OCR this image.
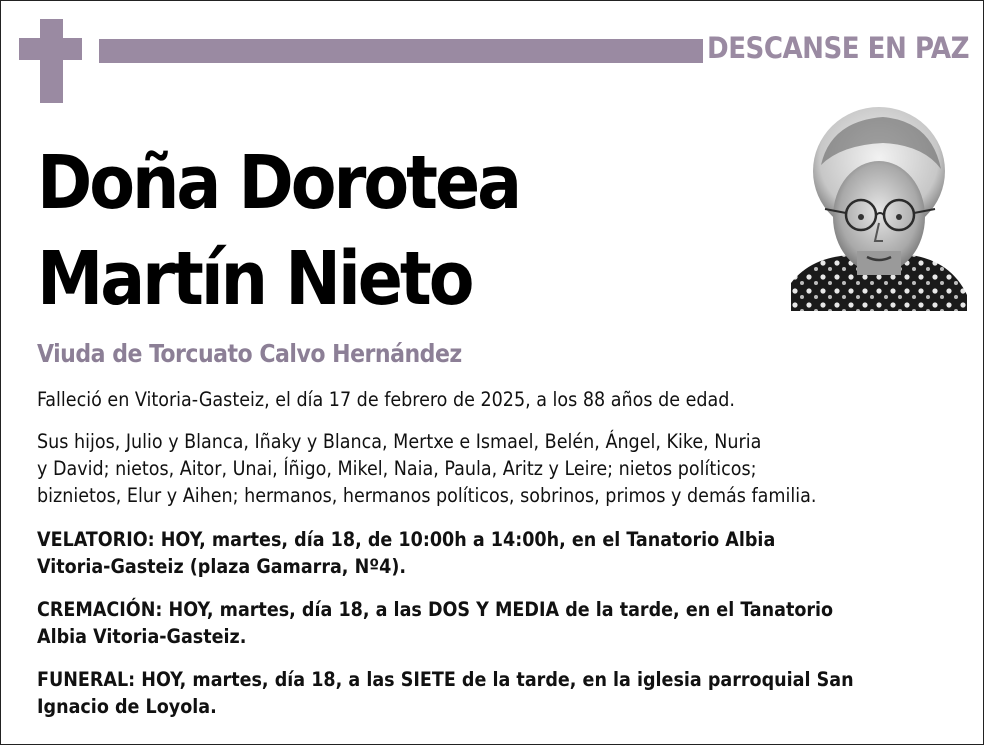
DESCANSE EN PAZ
Doña Dorotea
Martín Nieto
Viuda de Torcuato Calvo Hernández

Falleció en Vitoria-Gasteiz, el día 17 de febrero de 2025, a los 88 años de edad.

Sus hijos, Julio y Blanca, Iñaky y Blanca, Mertxe e Ismael, Belén, Ángel, Kike, Nuria
y David; nietos, Aitor, Unai, Íñigo, Mikel, Naia, Paula, Aritz y Leire; nietos políticos;
biznietos, Elur y Aihen; hermanos, hermanos políticos, sobrinos, primos y demás familia.

VELATORIO: HOY, martes, día 18, de 10:00h a 14:00h, en el Tanatorio Albia
Vitoria-Gasteiz (plaza Gamarra, Nº4).

CREMACIÓN: HOY, martes, día 18, a las DOS Y MEDIA de la tarde, en el Tanatorio
Albia Vitoria-Gasteiz.

FUNERAL: HOY, martes, día 18, a las SIETE de la tarde, en la iglesia parroquial San
Ignacio de Loyola.
